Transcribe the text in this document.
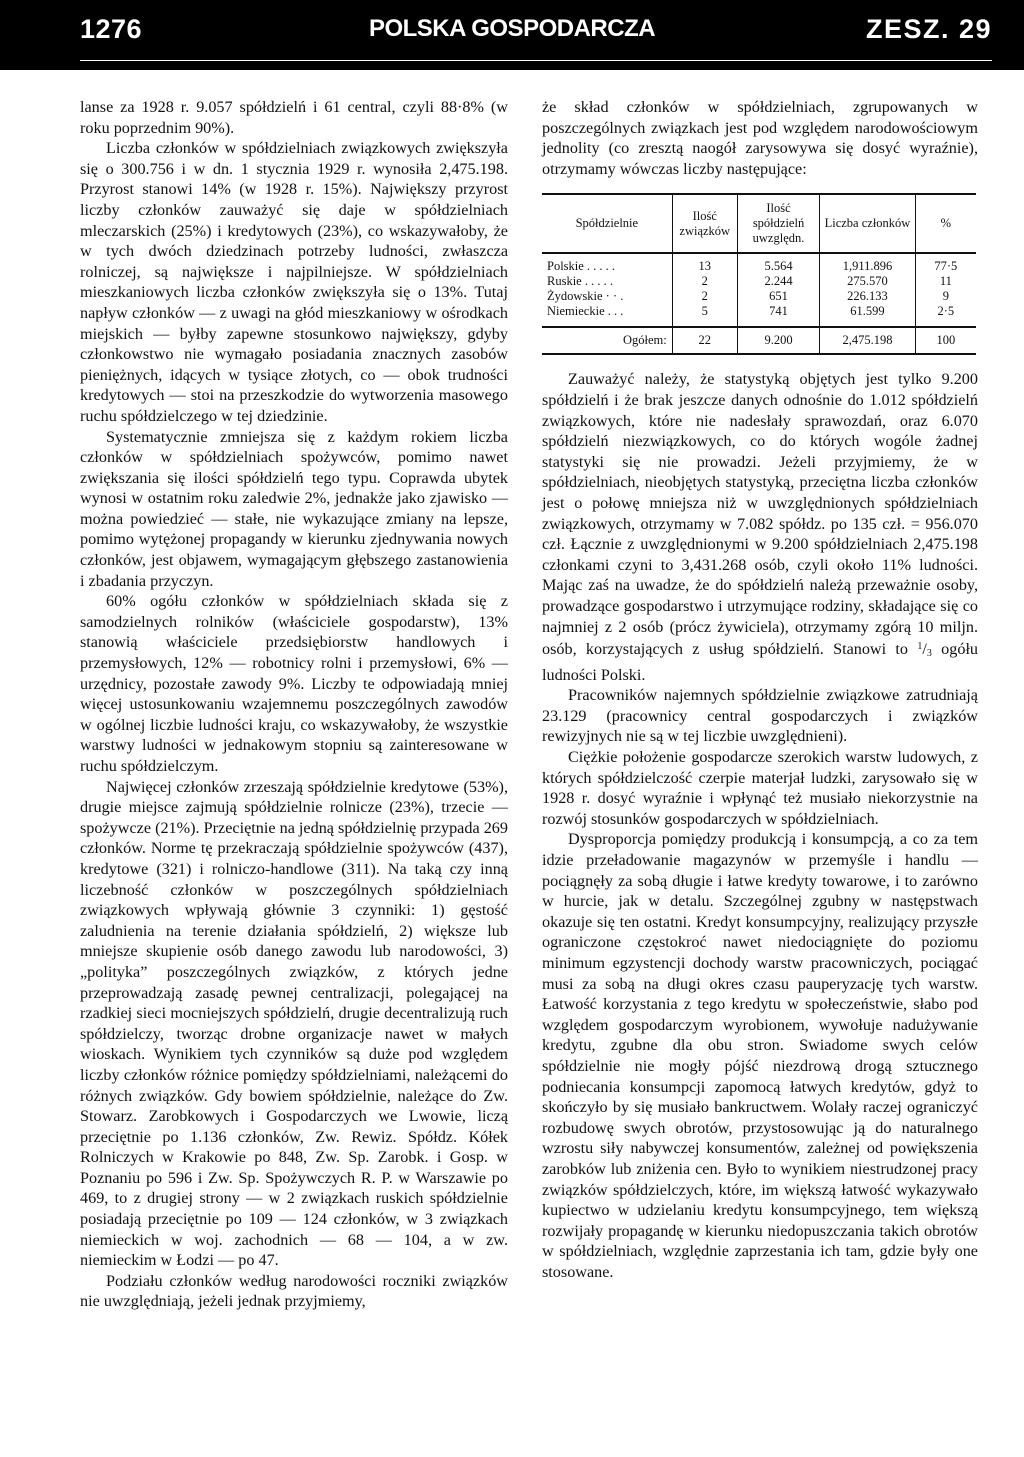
1276	POLSKA GOSPODARCZA	ZESZ. 29

lanse za 1928 r. 9.057 spółdzielń i 61 central, czyli 88·8% (w roku poprzednim 90%).

Liczba członków w spółdzielniach związkowych zwiększyła się o 300.756 i w dn. 1 stycznia 1929 r. wynosiła 2,475.198. Przyrost stanowi 14% (w 1928 r. 15%). Największy przyrost liczby członków zauważyć się daje w spółdzielniach mleczarskich (25%) i kredytowych (23%), co wskazywałoby, że w tych dwóch dziedzinach potrzeby ludności, zwłaszcza rolniczej, są największe i najpilniejsze. W spółdzielniach mieszkaniowych liczba członków zwiększyła się o 13%. Tutaj napływ członków — z uwagi na głód mieszkaniowy w ośrodkach miejskich — byłby zapewne stosunkowo największy, gdyby członkowstwo nie wymagało posiadania znacznych zasobów pieniężnych, idących w tysiące złotych, co — obok trudności kredytowych — stoi na przeszkodzie do wytworzenia masowego ruchu spółdzielczego w tej dziedzinie.

Systematycznie zmniejsza się z każdym rokiem liczba członków w spółdzielniach spożywców, pomimo nawet zwiększania się ilości spółdzielń tego typu. Coprawda ubytek wynosi w ostatnim roku zaledwie 2%, jednakże jako zjawisko — można powiedzieć — stałe, nie wykazujące zmiany na lepsze, pomimo wytężonej propagandy w kierunku zjednywania nowych członków, jest objawem, wymagającym głębszego zastanowienia i zbadania przyczyn.

60% ogółu członków w spółdzielniach składa się z samodzielnych rolników (właściciele gospodarstw), 13% stanowią właściciele przedsiębiorstw handlowych i przemysłowych, 12% — robotnicy rolni i przemysłowi, 6% — urzędnicy, pozostałe zawody 9%. Liczby te odpowiadają mniej więcej ustosunkowaniu wzajemnemu poszczególnych zawodów w ogólnej liczbie ludności kraju, co wskazywałoby, że wszystkie warstwy ludności w jednakowym stopniu są zainteresowane w ruchu spółdzielczym.

Najwięcej członków zrzeszają spółdzielnie kredytowe (53%), drugie miejsce zajmują spółdzielnie rolnicze (23%), trzecie — spożywcze (21%). Przeciętnie na jedną spółdzielnię przypada 269 członków. Norme tę przekraczają spółdzielnie spożywców (437), kredytowe (321) i rolniczo-handlowe (311). Na taką czy inną liczebność członków w poszczególnych spółdzielniach związkowych wpływają głównie 3 czynniki: 1) gęstość zaludnienia na terenie działania spółdzielń, 2) większe lub mniejsze skupienie osób danego zawodu lub narodowości, 3) „polityka” poszczególnych związków, z których jedne przeprowadzają zasadę pewnej centralizacji, polegającej na rzadkiej sieci mocniejszych spółdzielń, drugie decentralizują ruch spółdzielczy, tworząc drobne organizacje nawet w małych wioskach. Wynikiem tych czynników są duże pod względem liczby członków różnice pomiędzy spółdzielniami, należącemi do różnych związków. Gdy bowiem spółdzielnie, należące do Zw. Stowarz. Zarobkowych i Gospodarczych we Lwowie, liczą przeciętnie po 1.136 członków, Zw. Rewiz. Spółdz. Kółek Rolniczych w Krakowie po 848, Zw. Sp. Zarobk. i Gosp. w Poznaniu po 596 i Zw. Sp. Spożywczych R. P. w Warszawie po 469, to z drugiej strony — w 2 związkach ruskich spółdzielnie posiadają przeciętnie po 109 — 124 członków, w 3 związkach niemieckich w woj. zachodnich — 68 — 104, a w zw. niemieckim w Łodzi — po 47.

Podziału członków według narodowości roczniki związków nie uwzględniają, jeżeli jednak przyjmiemy,

że skład członków w spółdzielniach, zgrupowanych w poszczególnych związkach jest pod względem narodowościowym jednolity (co zresztą naogół zarysowywa się dosyć wyraźnie), otrzymamy wówczas liczby następujące:

Spółdzielnie	Ilość związków	Ilość spółdzielń uwzględn.	Liczba członków	%
Polskie . . . . .	13	5.564	1,911.896	77·5
Ruskie . . . . .	2	2.244	275.570	11
Żydowskie · · .	2	651	226.133	9
Niemieckie . . .	5	741	61.599	2·5
Ogółem:	22	9.200	2,475.198	100

Zauważyć należy, że statystyką objętych jest tylko 9.200 spółdzielń i że brak jeszcze danych odnośnie do 1.012 spółdzielń związkowych, które nie nadesłały sprawozdań, oraz 6.070 spółdzielń niezwiązkowych, co do których wogóle żadnej statystyki się nie prowadzi. Jeżeli przyjmiemy, że w spółdzielniach, nieobjętych statystyką, przeciętna liczba członków jest o połowę mniejsza niż w uwzględnionych spółdzielniach związkowych, otrzymamy w 7.082 spółdz. po 135 czł. = 956.070 czł. Łącznie z uwzględnionymi w 9.200 spółdzielniach 2,475.198 członkami czyni to 3,431.268 osób, czyli około 11% ludności. Mając zaś na uwadze, że do spółdzielń należą przeważnie osoby, prowadzące gospodarstwo i utrzymujące rodziny, składające się co najmniej z 2 osób (prócz żywiciela), otrzymamy zgórą 10 miljn. osób, korzystających z usług spółdzielń. Stanowi to $^1$/3 ogółu ludności Polski.

Pracowników najemnych spółdzielnie związkowe zatrudniają 23.129 (pracownicy central gospodarczych i związków rewizyjnych nie są w tej liczbie uwzględnieni).

Ciężkie położenie gospodarcze szerokich warstw ludowych, z których spółdzielczość czerpie materjał ludzki, zarysowało się w 1928 r. dosyć wyraźnie i wpłynąć też musiało niekorzystnie na rozwój stosunków gospodarczych w spółdzielniach.

Dysproporcja pomiędzy produkcją i konsumpcją, a co za tem idzie przeładowanie magazynów w przemyśle i handlu — pociągnęły za sobą długie i łatwe kredyty towarowe, i to zarówno w hurcie, jak w detalu. Szczególnej zgubny w następstwach okazuje się ten ostatni. Kredyt konsumpcyjny, realizujący przyszłe ograniczone częstokroć nawet niedociągnięte do poziomu minimum egzystencji dochody warstw pracowniczych, pociągać musi za sobą na długi okres czasu pauperyzację tych warstw. Łatwość korzystania z tego kredytu w społeczeństwie, słabo pod względem gospodarczym wyrobionem, wywołuje nadużywanie kredytu, zgubne dla obu stron. Swiadome swych celów spółdzielnie nie mogły pójść niezdrową drogą sztucznego podniecania konsumpcji zapomocą łatwych kredytów, gdyż to skończyło by się musiało bankructwem. Wolały raczej ograniczyć rozbudowę swych obrotów, przystosowując ją do naturalnego wzrostu siły nabywczej konsumentów, zależnej od powiększenia zarobków lub zniżenia cen. Było to wynikiem niestrudzonej pracy związków spółdzielczych, które, im większą łatwość wykazywało kupiectwo w udzielaniu kredytu konsumpcyjnego, tem większą rozwijały propagandę w kierunku niedopuszczania takich obrotów w spółdzielniach, względnie zaprzestania ich tam, gdzie były one stosowane.
